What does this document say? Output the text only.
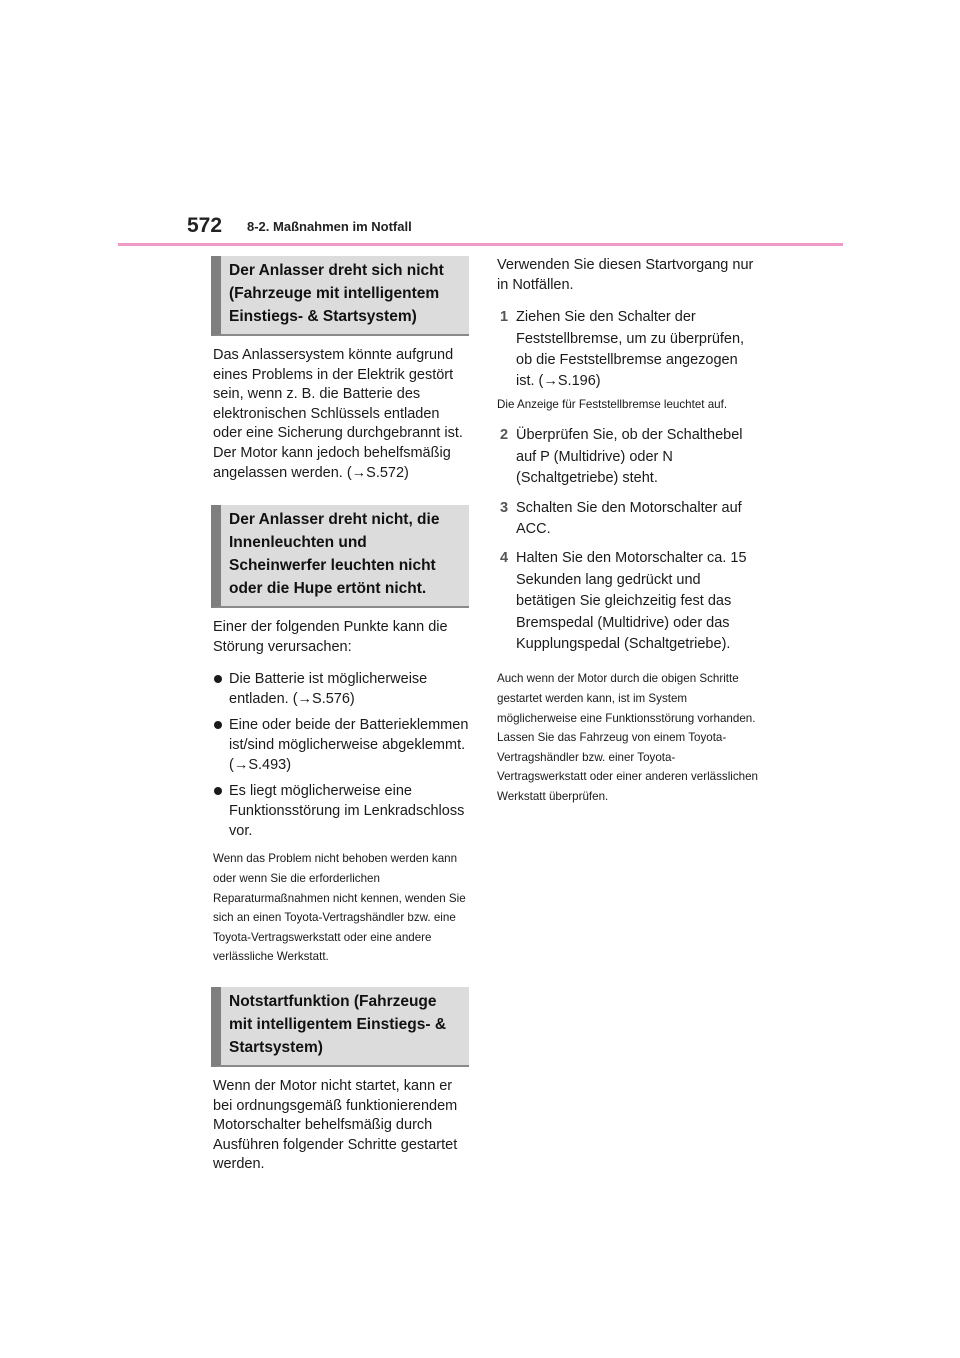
572 8-2. Maßnahmen im Notfall
Der Anlasser dreht sich nicht (Fahrzeuge mit intelligentem Einstiegs- & Startsystem)

Das Anlassersystem könnte aufgrund eines Problems in der Elektrik gestört sein, wenn z. B. die Batterie des elektronischen Schlüssels entladen oder eine Sicherung durchgebrannt ist. Der Motor kann jedoch behelfsmäßig angelassen werden. (→S.572)

Der Anlasser dreht nicht, die Innenleuchten und Scheinwerfer leuchten nicht oder die Hupe ertönt nicht.

Einer der folgenden Punkte kann die Störung verursachen:

Die Batterie ist möglicherweise entladen. (→S.576)
Eine oder beide der Batterieklemmen ist/sind möglicherweise abgeklemmt. (→S.493)
Es liegt möglicherweise eine Funktionsstörung im Lenkradschloss vor.

Wenn das Problem nicht behoben werden kann oder wenn Sie die erforderlichen Reparaturmaßnahmen nicht kennen, wenden Sie sich an einen Toyota-Vertragshändler bzw. eine Toyota-Vertragswerkstatt oder eine andere verlässliche Werkstatt.

Notstartfunktion (Fahrzeuge mit intelligentem Einstiegs- & Startsystem)

Wenn der Motor nicht startet, kann er bei ordnungsgemäß funktionierendem Motorschalter behelfsmäßig durch Ausführen folgender Schritte gestartet werden.

Verwenden Sie diesen Startvorgang nur in Notfällen.

1 Ziehen Sie den Schalter der Feststellbremse, um zu überprüfen, ob die Feststellbremse angezogen ist. (→S.196)

Die Anzeige für Feststellbremse leuchtet auf.

2 Überprüfen Sie, ob der Schalthebel auf P (Multidrive) oder N (Schaltgetriebe) steht.
3 Schalten Sie den Motorschalter auf ACC.
4 Halten Sie den Motorschalter ca. 15 Sekunden lang gedrückt und betätigen Sie gleichzeitig fest das Bremspedal (Multidrive) oder das Kupplungspedal (Schaltgetriebe).

Auch wenn der Motor durch die obigen Schritte gestartet werden kann, ist im System möglicherweise eine Funktionsstörung vorhanden. Lassen Sie das Fahrzeug von einem Toyota-Vertragshändler bzw. einer Toyota-Vertragswerkstatt oder einer anderen verlässlichen Werkstatt überprüfen.
